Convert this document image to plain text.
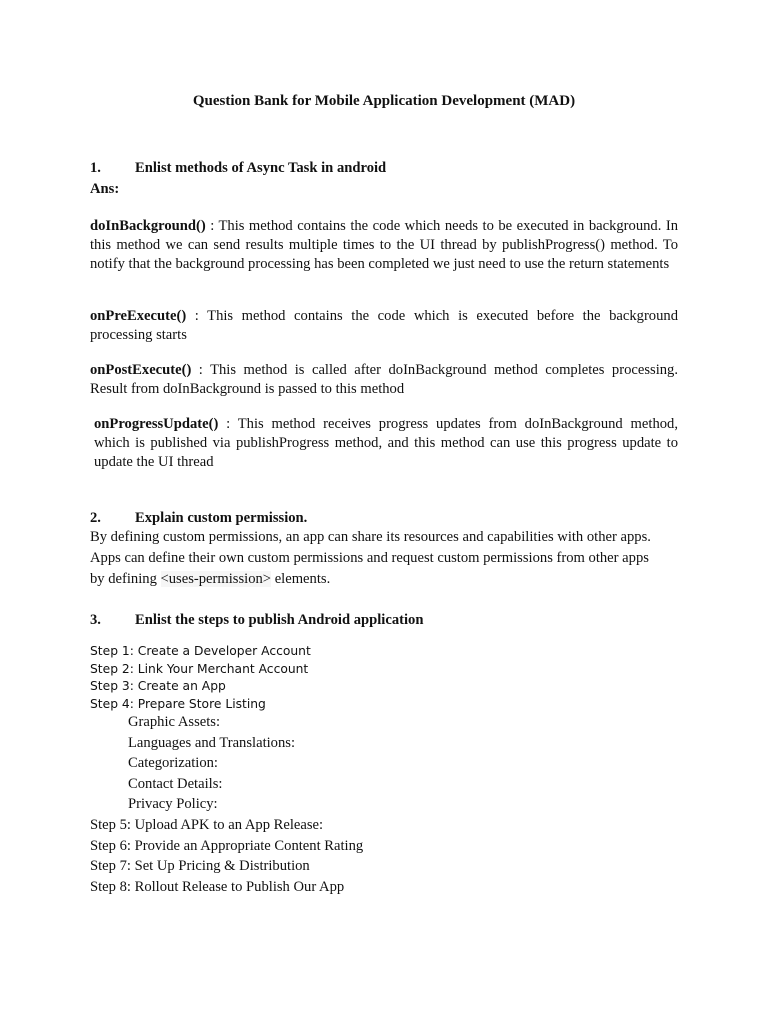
Question Bank for Mobile Application Development (MAD)
1. Enlist methods of Async Task in android
Ans:
doInBackground() : This method contains the code which needs to be executed in background. In this method we can send results multiple times to the UI thread by publishProgress() method. To notify that the background processing has been completed we just need to use the return statements
onPreExecute() : This method contains the code which is executed before the background processing starts
onPostExecute() : This method is called after doInBackground method completes processing. Result from doInBackground is passed to this method
onProgressUpdate() : This method receives progress updates from doInBackground method, which is published via publishProgress method, and this method can use this progress update to update the UI thread
2. Explain custom permission.
By defining custom permissions, an app can share its resources and capabilities with other apps.
Apps can define their own custom permissions and request custom permissions from other apps
by defining <uses-permission> elements.
3. Enlist the steps to publish Android application
Step 1: Create a Developer Account
Step 2: Link Your Merchant Account
Step 3: Create an App
Step 4: Prepare Store Listing
Graphic Assets:
Languages and Translations:
Categorization:
Contact Details:
Privacy Policy:
Step 5: Upload APK to an App Release:
Step 6: Provide an Appropriate Content Rating
Step 7: Set Up Pricing & Distribution
Step 8: Rollout Release to Publish Our App
